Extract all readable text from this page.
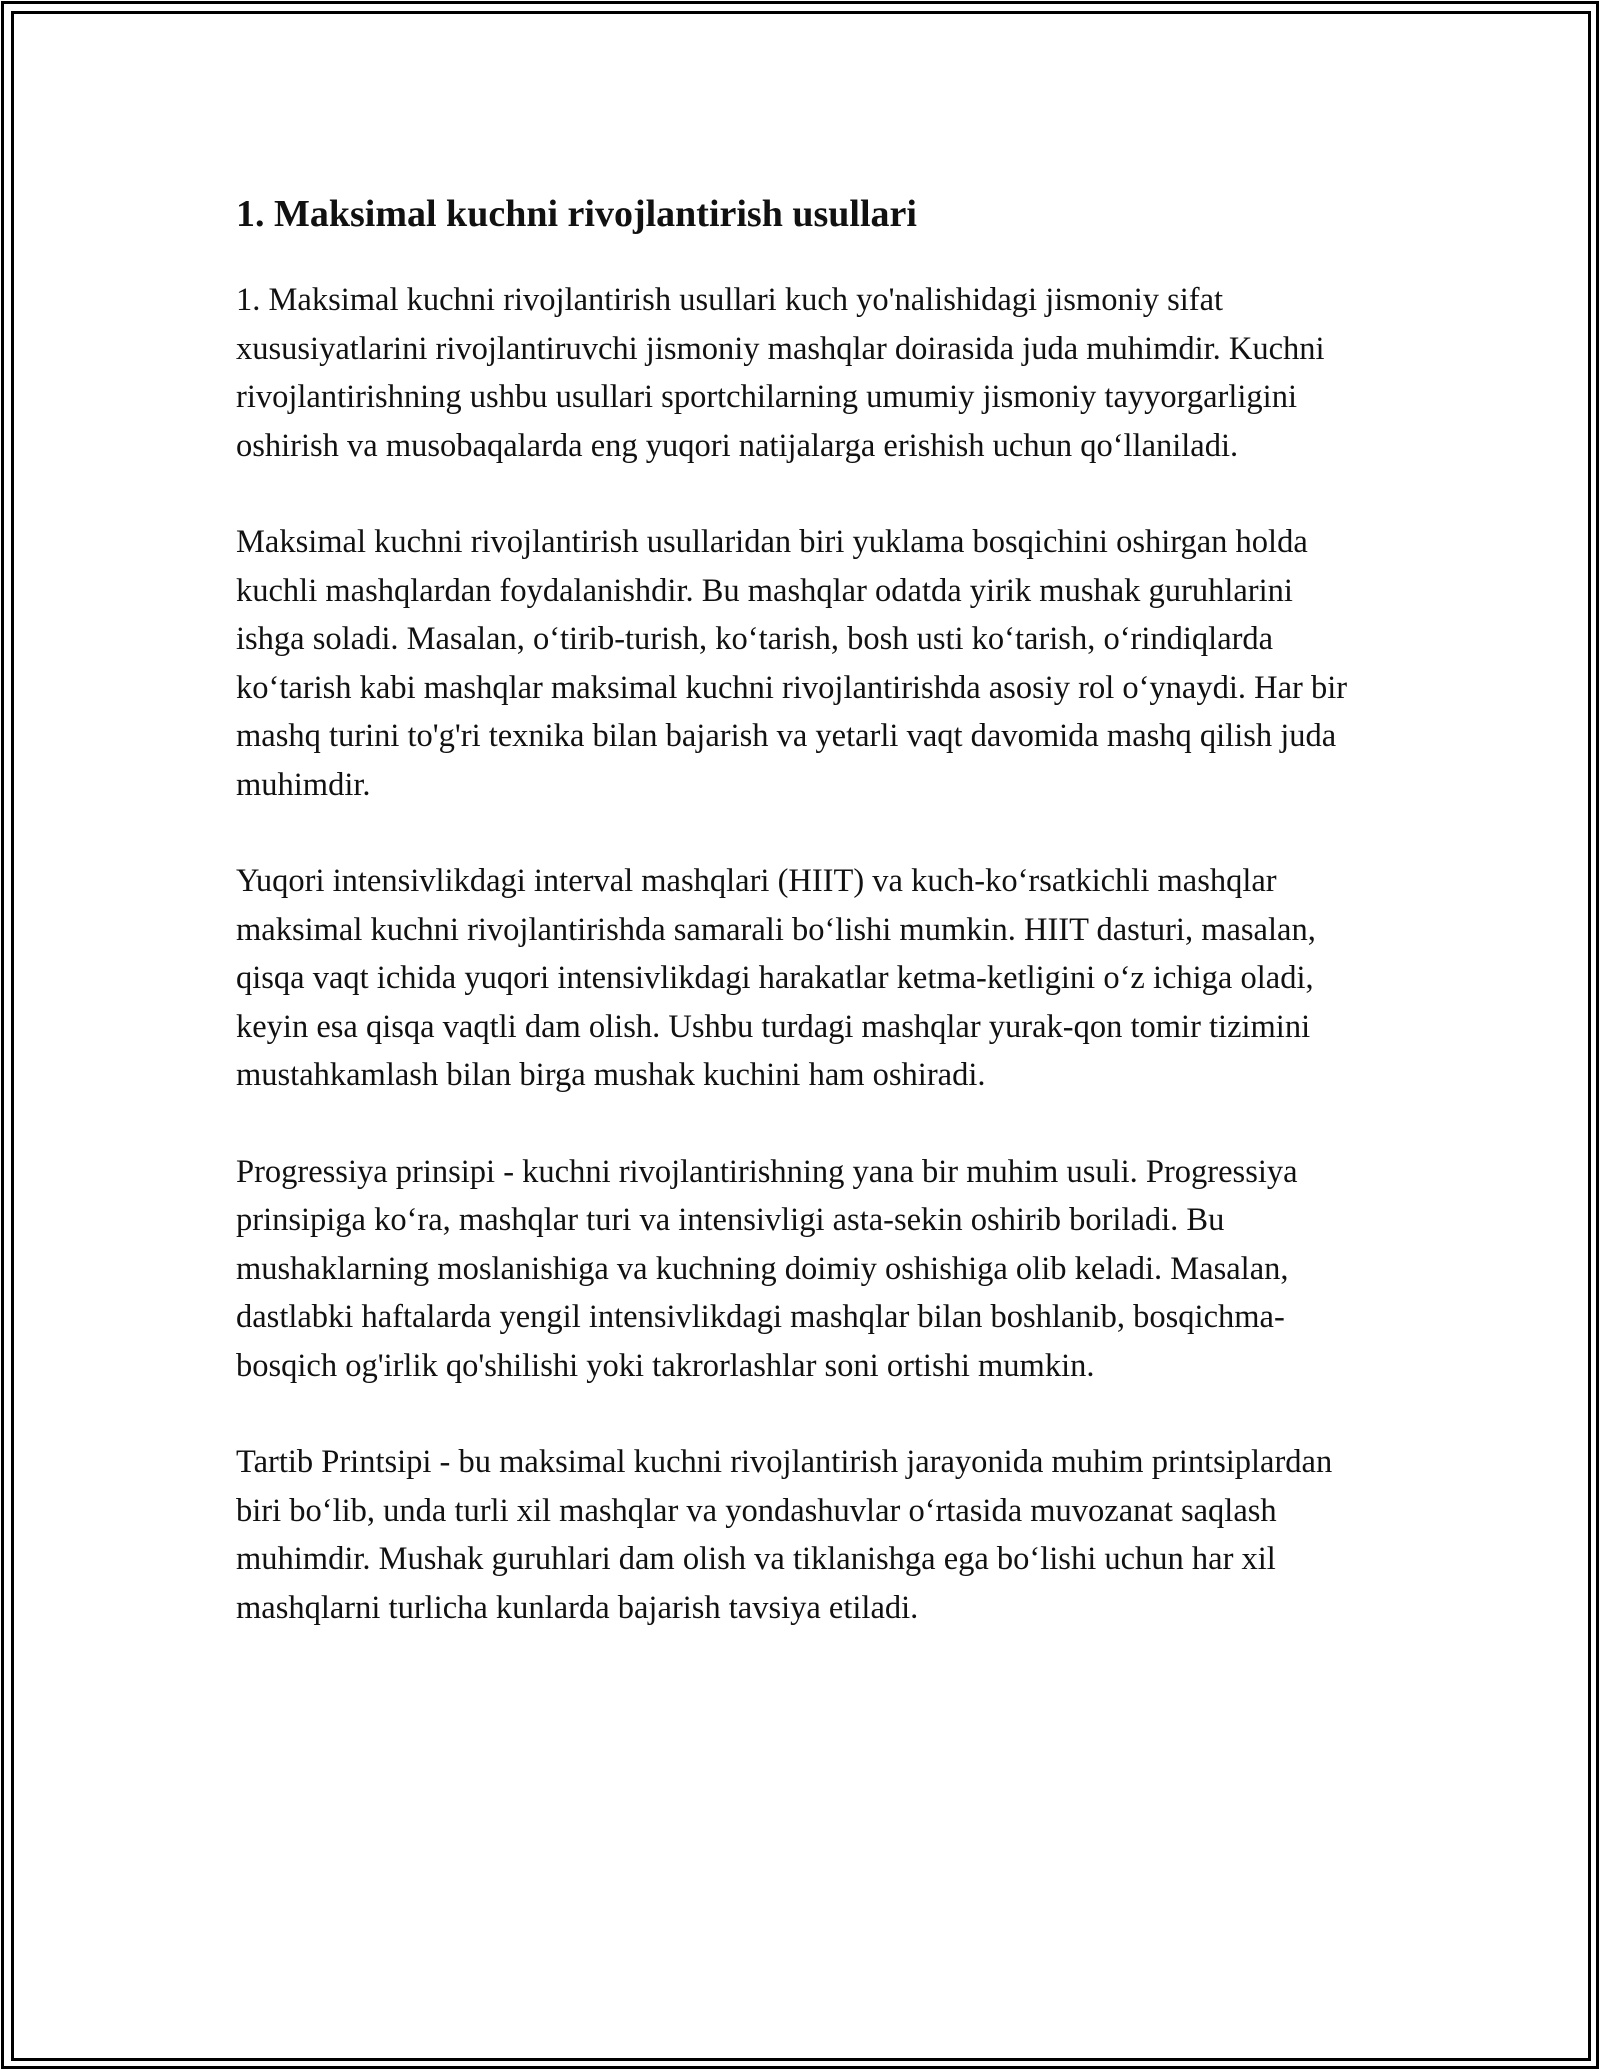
1. Maksimal kuchni rivojlantirish usullari

1. Maksimal kuchni rivojlantirish usullari kuch yo'nalishidagi jismoniy sifat xususiyatlarini rivojlantiruvchi jismoniy mashqlar doirasida juda muhimdir. Kuchni rivojlantirishning ushbu usullari sportchilarning umumiy jismoniy tayyorgarligini oshirish va musobaqalarda eng yuqori natijalarga erishish uchun qo‘llaniladi.

Maksimal kuchni rivojlantirish usullaridan biri yuklama bosqichini oshirgan holda kuchli mashqlardan foydalanishdir. Bu mashqlar odatda yirik mushak guruhlarini ishga soladi. Masalan, o‘tirib-turish, ko‘tarish, bosh usti ko‘tarish, o‘rindiqlarda ko‘tarish kabi mashqlar maksimal kuchni rivojlantirishda asosiy rol o‘ynaydi. Har bir mashq turini to'g'ri texnika bilan bajarish va yetarli vaqt davomida mashq qilish juda muhimdir.

Yuqori intensivlikdagi interval mashqlari (HIIT) va kuch-ko‘rsatkichli mashqlar maksimal kuchni rivojlantirishda samarali bo‘lishi mumkin. HIIT dasturi, masalan, qisqa vaqt ichida yuqori intensivlikdagi harakatlar ketma-ketligini o‘z ichiga oladi, keyin esa qisqa vaqtli dam olish. Ushbu turdagi mashqlar yurak-qon tomir tizimini mustahkamlash bilan birga mushak kuchini ham oshiradi.

Progressiya prinsipi - kuchni rivojlantirishning yana bir muhim usuli. Progressiya prinsipiga ko‘ra, mashqlar turi va intensivligi asta-sekin oshirib boriladi. Bu mushaklarning moslanishiga va kuchning doimiy oshishiga olib keladi. Masalan, dastlabki haftalarda yengil intensivlikdagi mashqlar bilan boshlanib, bosqichma-bosqich og'irlik qo'shilishi yoki takrorlashlar soni ortishi mumkin.

Tartib Printsipi - bu maksimal kuchni rivojlantirish jarayonida muhim printsiplardan biri bo‘lib, unda turli xil mashqlar va yondashuvlar o‘rtasida muvozanat saqlash muhimdir. Mushak guruhlari dam olish va tiklanishga ega bo‘lishi uchun har xil mashqlarni turlicha kunlarda bajarish tavsiya etiladi.
